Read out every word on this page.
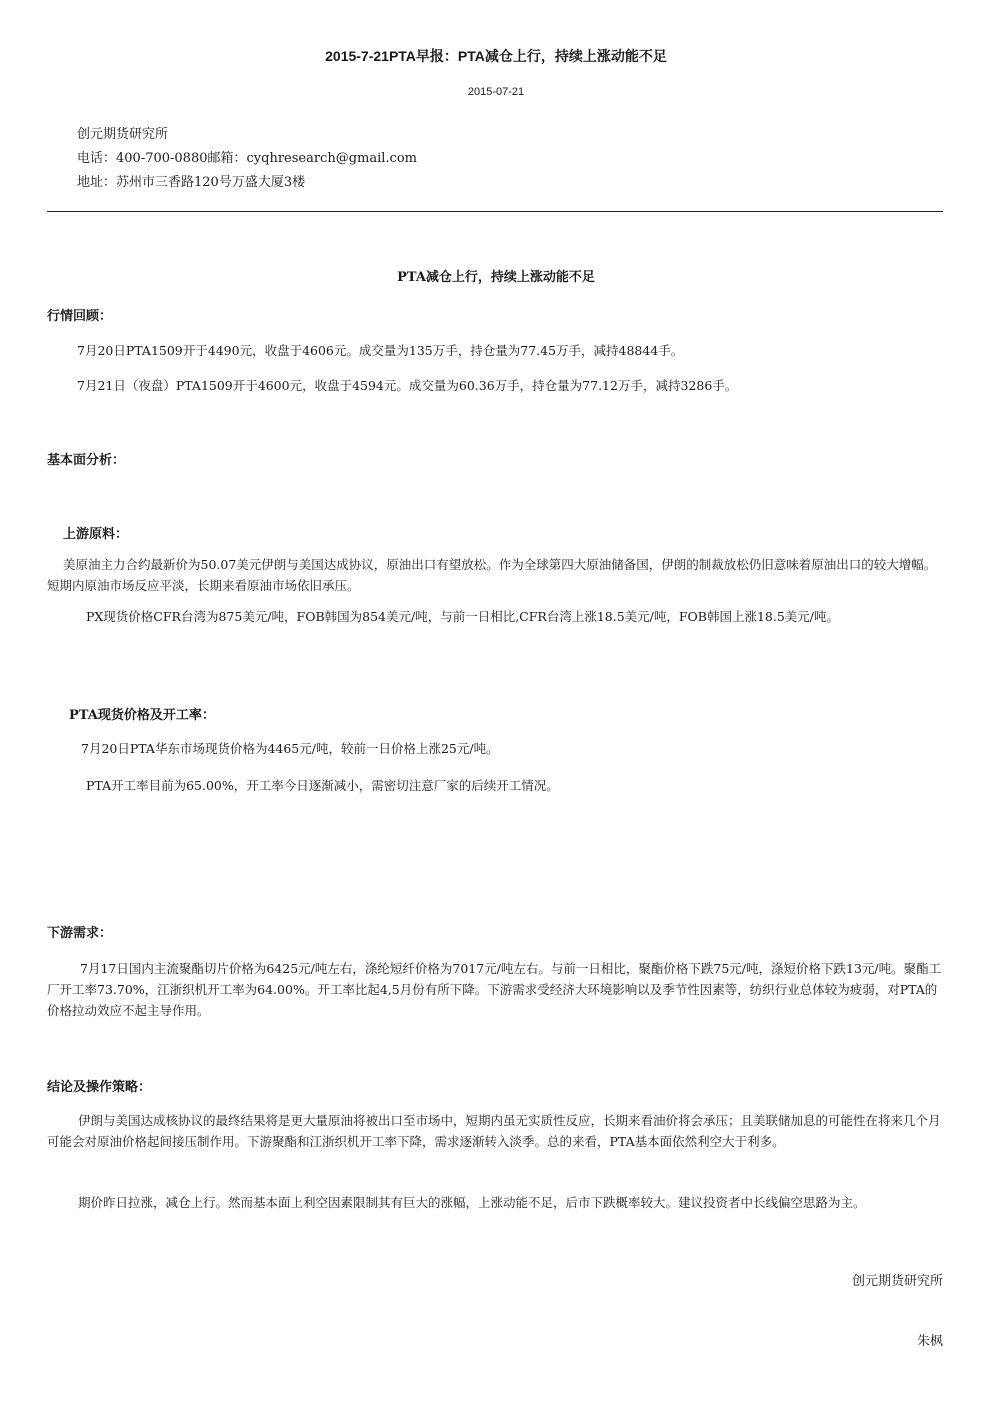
2015-7-21PTA早报：PTA减仓上行，持续上涨动能不足
2015-07-21
创元期货研究所
电话：400-700-0880邮箱：cyqhresearch@gmail.com
地址：苏州市三香路120号万盛大厦3楼
PTA减仓上行，持续上涨动能不足
行情回顾：
7月20日PTA1509开于4490元，收盘于4606元。成交量为135万手，持仓量为77.45万手，减持48844手。
7月21日（夜盘）PTA1509开于4600元，收盘于4594元。成交量为60.36万手，持仓量为77.12万手，减持3286手。
基本面分析：
上游原料：
美原油主力合约最新价为50.07美元伊朗与美国达成协议，原油出口有望放松。作为全球第四大原油储备国，伊朗的制裁放松仍旧意味着原油出口的较大增幅。短期内原油市场反应平淡，长期来看原油市场依旧承压。
PX现货价格CFR台湾为875美元/吨，FOB韩国为854美元/吨，与前一日相比,CFR台湾上涨18.5美元/吨，FOB韩国上涨18.5美元/吨。
PTA现货价格及开工率：
7月20日PTA华东市场现货价格为4465元/吨，较前一日价格上涨25元/吨。
PTA开工率目前为65.00%，开工率今日逐渐减小，需密切注意厂家的后续开工情况。
下游需求：
7月17日国内主流聚酯切片价格为6425元/吨左右，涤纶短纤价格为7017元/吨左右。与前一日相比，聚酯价格下跌75元/吨，涤短价格下跌13元/吨。聚酯工厂开工率73.70%，江浙织机开工率为64.00%。开工率比起4,5月份有所下降。下游需求受经济大环境影响以及季节性因素等，纺织行业总体较为疲弱，对PTA的价格拉动效应不起主导作用。
结论及操作策略：
伊朗与美国达成核协议的最终结果将是更大量原油将被出口至市场中，短期内虽无实质性反应，长期来看油价将会承压；且美联储加息的可能性在将来几个月可能会对原油价格起间接压制作用。下游聚酯和江浙织机开工率下降，需求逐渐转入淡季。总的来看，PTA基本面依然利空大于利多。
期价昨日拉涨，减仓上行。然而基本面上利空因素限制其有巨大的涨幅，上涨动能不足，后市下跌概率较大。建议投资者中长线偏空思路为主。
创元期货研究所
朱枫
